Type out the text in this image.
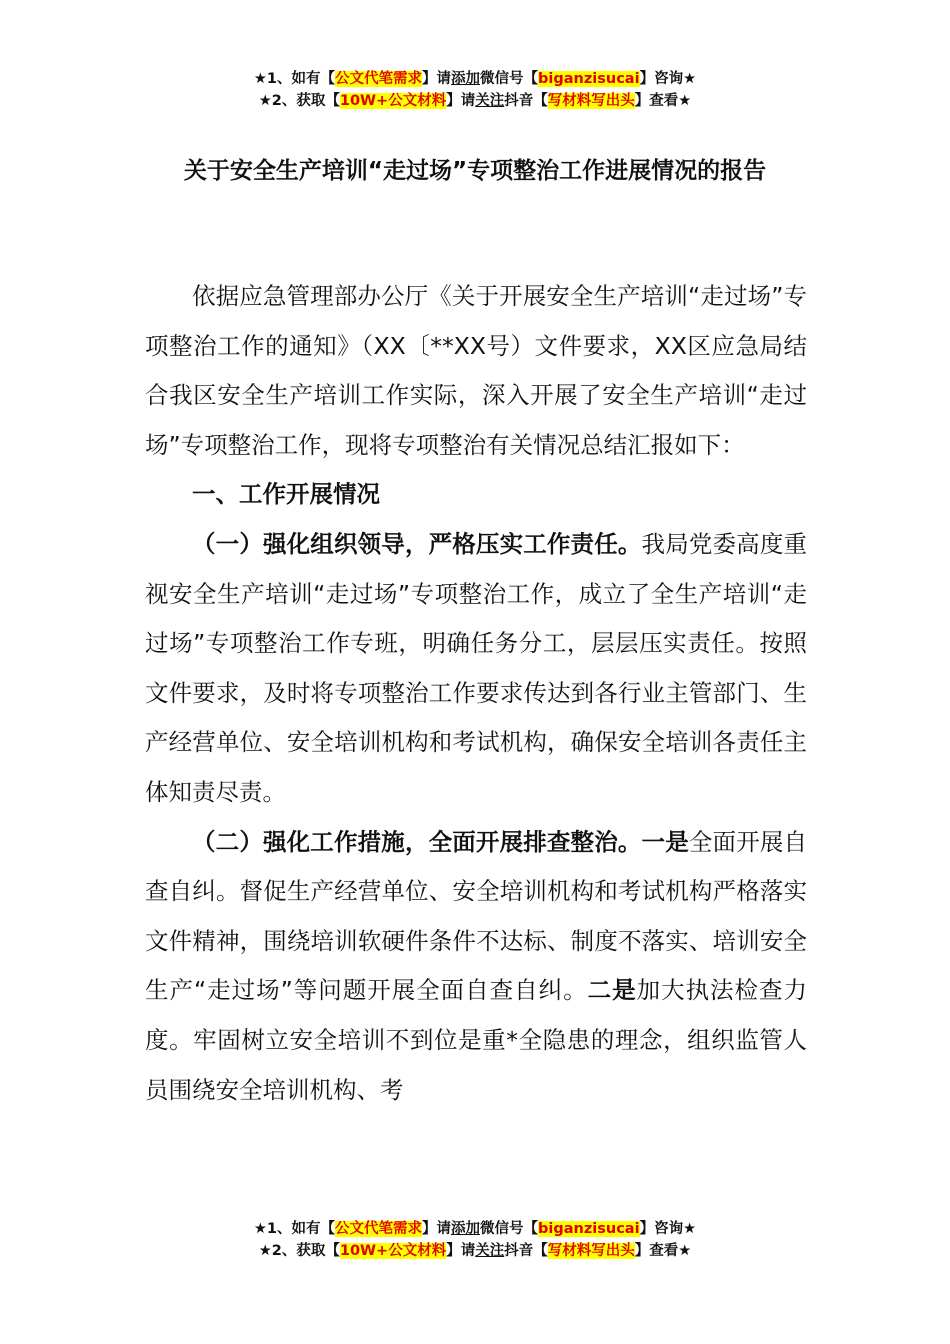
★1、如有【公文代笔需求】请添加微信号【biganzisucai】咨询★
★2、获取【10W+公文材料】请关注抖音【写材料写出头】查看★
关于安全生产培训“走过场”专项整治工作进展情况的报告

依据应急管理部办公厅《关于开展安全生产培训“走过场”专项整治工作的通知》（XX〔**XX号）文件要求，XX区应急局结合我区安全生产培训工作实际，深入开展了安全生产培训“走过场”专项整治工作，现将专项整治有关情况总结汇报如下：

一、工作开展情况

（一）强化组织领导，严格压实工作责任。我局党委高度重视安全生产培训“走过场”专项整治工作，成立了全生产培训“走过场”专项整治工作专班，明确任务分工，层层压实责任。按照文件要求，及时将专项整治工作要求传达到各行业主管部门、生产经营单位、安全培训机构和考试机构，确保安全培训各责任主体知责尽责。

（二）强化工作措施，全面开展排查整治。一是全面开展自查自纠。督促生产经营单位、安全培训机构和考试机构严格落实文件精神，围绕培训软硬件条件不达标、制度不落实、培训安全生产“走过场”等问题开展全面自查自纠。二是加大执法检查力度。牢固树立安全培训不到位是重*全隐患的理念，组织监管人员围绕安全培训机构、考

★1、如有【公文代笔需求】请添加微信号【biganzisucai】咨询★
★2、获取【10W+公文材料】请关注抖音【写材料写出头】查看★
